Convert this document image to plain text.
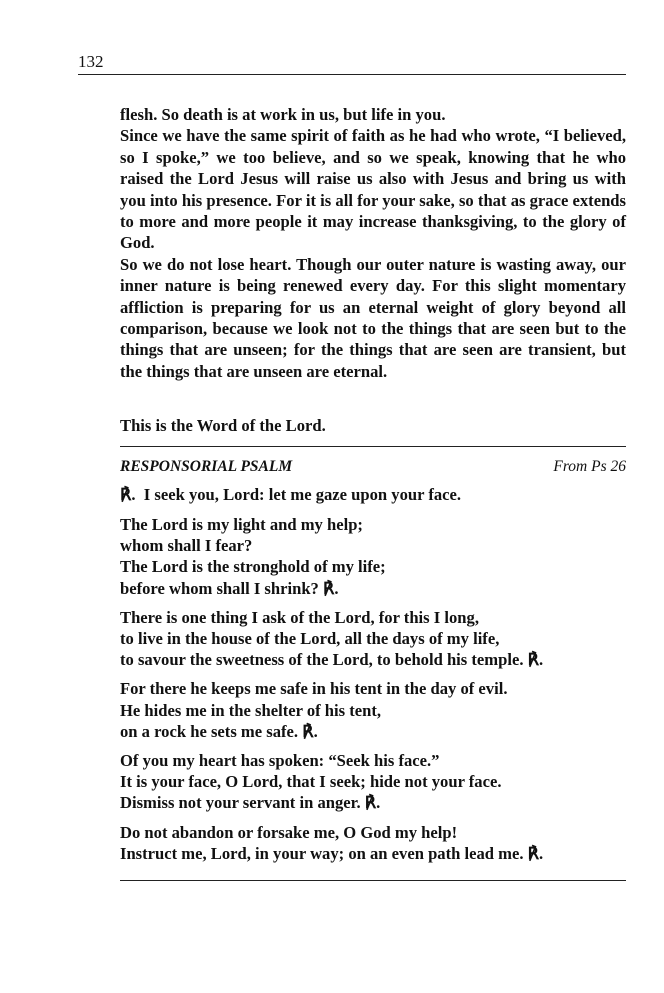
132

flesh. So death is at work in us, but life in you.

Since we have the same spirit of faith as he had who wrote, “I believed, so I spoke,” we too believe, and so we speak, knowing that he who raised the Lord Jesus will raise us also with Jesus and bring us with you into his presence. For it is all for your sake, so that as grace extends to more and more people it may increase thanksgiving, to the glory of God.

So we do not lose heart. Though our outer nature is wasting away, our inner nature is being renewed every day. For this slight momentary affliction is preparing for us an eternal weight of glory beyond all comparison, because we look not to the things that are seen but to the things that are unseen; for the things that are seen are transient, but the things that are unseen are eternal.

This is the Word of the Lord.
RESPONSORIAL PSALM	From Ps 26
℟. I seek you, Lord: let me gaze upon your face.
The Lord is my light and my help;
whom shall I fear?
The Lord is the stronghold of my life;
before whom shall I shrink? ℟.
There is one thing I ask of the Lord, for this I long,
to live in the house of the Lord, all the days of my life,
to savour the sweetness of the Lord, to behold his temple. ℟.
For there he keeps me safe in his tent in the day of evil.
He hides me in the shelter of his tent,
on a rock he sets me safe. ℟.
Of you my heart has spoken: “Seek his face.”
It is your face, O Lord, that I seek; hide not your face.
Dismiss not your servant in anger. ℟.
Do not abandon or forsake me, O God my help!
Instruct me, Lord, in your way; on an even path lead me. ℟.
